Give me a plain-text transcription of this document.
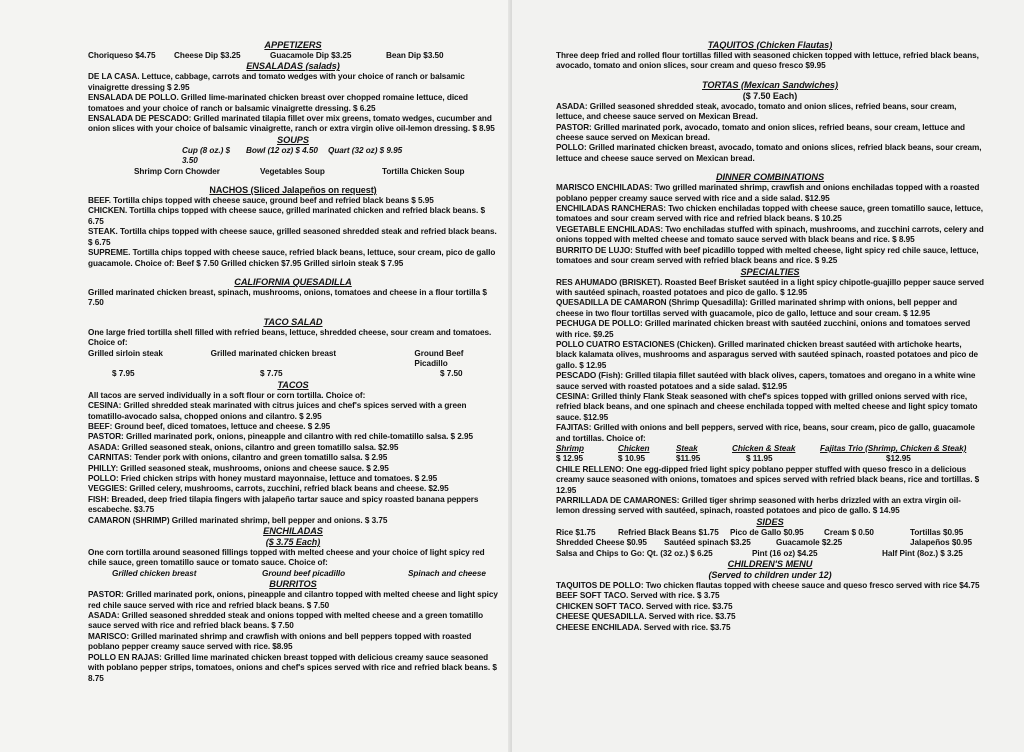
APPETIZERS
Choriqueso $4.75	Cheese Dip $3.25	Guacamole Dip $3.25	Bean Dip $3.50
ENSALADAS (salads)
DE LA CASA. Lettuce, cabbage, carrots and tomato wedges with your choice of ranch or balsamic vinaigrette dressing $ 2.95
ENSALADA DE POLLO. Grilled lime-marinated chicken breast over chopped romaine lettuce, diced tomatoes and your choice of ranch or balsamic vinaigrette dressing. $ 6.25
ENSALADA DE PESCADO: Grilled marinated tilapia fillet over mix greens, tomato wedges, cucumber and onion slices with your choice of balsamic vinaigrette, ranch or extra virgin olive oil-lemon dressing. $ 8.95
SOUPS
Cup (8 oz.) $ 3.50
Bowl (12 oz) $ 4.50	Quart (32 oz) $ 9.95
Shrimp Corn Chowder	Vegetables Soup	Tortilla Chicken Soup
NACHOS (Sliced Jalapeños on request)
BEEF. Tortilla chips topped with cheese sauce, ground beef and refried black beans $ 5.95
CHICKEN. Tortilla chips topped with cheese sauce, grilled marinated chicken and refried black beans. $ 6.75
STEAK. Tortilla chips topped with cheese sauce, grilled seasoned shredded steak and refried black beans. $ 6.75
SUPREME. Tortilla chips topped with cheese sauce, refried black beans, lettuce, sour cream, pico de gallo guacamole. Choice of: Beef $ 7.50 Grilled chicken $7.95 Grilled sirloin steak $ 7.95
CALIFORNIA QUESADILLA
Grilled marinated chicken breast, spinach, mushrooms, onions, tomatoes and cheese in a flour tortilla $ 7.50
TACO SALAD
One large fried tortilla shell filled with refried beans, lettuce, shredded cheese, sour cream and tomatoes. Choice of:
Grilled sirloin steak	Grilled marinated chicken breast	Ground Beef Picadillo
$ 7.95	$ 7.75	$ 7.50
TACOS
All tacos are served individually in a soft flour or corn tortilla. Choice of:
CESINA: Grilled shredded steak marinated with citrus juices and chef's spices served with a green tomatillo-avocado salsa, chopped onions and cilantro. $ 2.95
BEEF: Ground beef, diced tomatoes, lettuce and cheese. $ 2.95
PASTOR: Grilled marinated pork, onions, pineapple and cilantro with red chile-tomatillo salsa. $ 2.95
ASADA: Grilled seasoned steak, onions, cilantro and green tomatillo salsa. $2.95
CARNITAS: Tender pork with onions, cilantro and green tomatillo salsa. $ 2.95
PHILLY: Grilled seasoned steak, mushrooms, onions and cheese sauce. $ 2.95
POLLO: Fried chicken strips with honey mustard mayonnaise, lettuce and tomatoes. $ 2.95
VEGGIES: Grilled celery, mushrooms, carrots, zucchini, refried black beans and cheese. $2.95
FISH: Breaded, deep fried tilapia fingers with jalapeño tartar sauce and spicy roasted banana peppers escabeche. $3.75
CAMARON (SHRIMP) Grilled marinated shrimp, bell pepper and onions. $ 3.75
ENCHILADAS
($ 3.75 Each)
One corn tortilla around seasoned fillings topped with melted cheese and your choice of light spicy red chile sauce, green tomatillo sauce or tomato sauce. Choice of:
Grilled chicken breast	Ground beef picadillo	Spinach and cheese
BURRITOS
PASTOR: Grilled marinated pork, onions, pineapple and cilantro topped with melted cheese and light spicy red chile sauce served with rice and refried black beans. $ 7.50
ASADA: Grilled seasoned shredded steak and onions topped with melted cheese and a green tomatillo sauce served with rice and refried black beans. $ 7.50
MARISCO: Grilled marinated shrimp and crawfish with onions and bell peppers topped with roasted poblano pepper creamy sauce served with rice. $8.95
POLLO EN RAJAS: Grilled lime marinated chicken breast topped with delicious creamy sauce seasoned with poblano pepper strips, tomatoes, onions and chef's spices served with rice and refried black beans. $ 8.75
TAQUITOS (Chicken Flautas)
Three deep fried and rolled flour tortillas filled with seasoned chicken topped with lettuce, refried black beans, avocado, tomato and onion slices, sour cream and queso fresco $9.95
TORTAS (Mexican Sandwiches)
($ 7.50 Each)
ASADA: Grilled seasoned shredded steak, avocado, tomato and onion slices, refried beans, sour cream, lettuce, and cheese sauce served on Mexican Bread.
PASTOR: Grilled marinated pork, avocado, tomato and onion slices, refried beans, sour cream, lettuce and cheese sauce served on Mexican bread.
POLLO: Grilled marinated chicken breast, avocado, tomato and onions slices, refried black beans, sour cream, lettuce and cheese sauce served on Mexican bread.
DINNER COMBINATIONS
MARISCO ENCHILADAS: Two grilled marinated shrimp, crawfish and onions enchiladas topped with a roasted poblano pepper creamy sauce served with rice and a side salad. $12.95
ENCHILADAS RANCHERAS: Two chicken enchiladas topped with cheese sauce, green tomatillo sauce, lettuce, tomatoes and sour cream served with rice and refried black beans. $ 10.25
VEGETABLE ENCHILADAS: Two enchiladas stuffed with spinach, mushrooms, and zucchini carrots, celery and onions topped with melted cheese and tomato sauce served with black beans and rice. $ 8.95
BURRITO DE LUJO: Stuffed with beef picadillo topped with melted cheese, light spicy red chile sauce, lettuce, tomatoes and sour cream served with refried black beans and rice. $ 9.25
SPECIALTIES
RES AHUMADO (BRISKET). Roasted Beef Brisket sautéed in a light spicy chipotle-guajillo pepper sauce served with sautéed spinach, roasted potatoes and pico de gallo. $ 12.95
QUESADILLA DE CAMARON (Shrimp Quesadilla): Grilled marinated shrimp with onions, bell pepper and cheese in two flour tortillas served with guacamole, pico de gallo, lettuce and sour cream. $ 12.95
PECHUGA DE POLLO: Grilled marinated chicken breast with sautéed zucchini, onions and tomatoes served with rice. $9.25
POLLO CUATRO ESTACIONES (Chicken). Grilled marinated chicken breast sautéed with artichoke hearts, black kalamata olives, mushrooms and asparagus served with sautéed spinach, roasted potatoes and pico de gallo. $ 12.95
PESCADO (Fish): Grilled tilapia fillet sautéed with black olives, capers, tomatoes and oregano in a white wine sauce served with roasted potatoes and a side salad. $12.95
CESINA: Grilled thinly Flank Steak seasoned with chef's spices topped with grilled onions served with rice, refried black beans, and one spinach and cheese enchilada topped with melted cheese and light spicy tomato sauce. $12.95
FAJITAS: Grilled with onions and bell peppers, served with rice, beans, sour cream, pico de gallo, guacamole and tortillas. Choice of:
Shrimp	Chicken	Steak	Chicken & Steak	Fajitas Trio (Shrimp, Chicken & Steak)
$ 12.95	$ 10.95	$11.95	$ 11.95	$12.95
CHILE RELLENO: One egg-dipped fried light spicy poblano pepper stuffed with queso fresco in a delicious creamy sauce seasoned with onions, tomatoes and spices served with refried black beans, rice and tortillas. $ 12.95
PARRILLADA DE CAMARONES: Grilled tiger shrimp seasoned with herbs drizzled with an extra virgin oil-lemon dressing served with sautéed, spinach, roasted potatoes and pico de gallo. $ 14.95
SIDES
Rice $1.75	Refried Black Beans $1.75	Pico de Gallo $0.95	Cream $ 0.50	Tortillas $0.95
Shredded Cheese $0.95	Sautéed spinach $3.25	Guacamole $2.25	Jalapeños $0.95
Salsa and Chips to Go: Qt. (32 oz.) $ 6.25	Pint (16 oz) $4.25	Half Pint (8oz.) $ 3.25
CHILDREN'S MENU
(Served to children under 12)
TAQUITOS DE POLLO: Two chicken flautas topped with cheese sauce and queso fresco served with rice $4.75
BEEF SOFT TACO. Served with rice. $ 3.75
CHICKEN SOFT TACO. Served with rice. $3.75
CHEESE QUESADILLA. Served with rice. $3.75
CHEESE ENCHILADA. Served with rice. $3.75
